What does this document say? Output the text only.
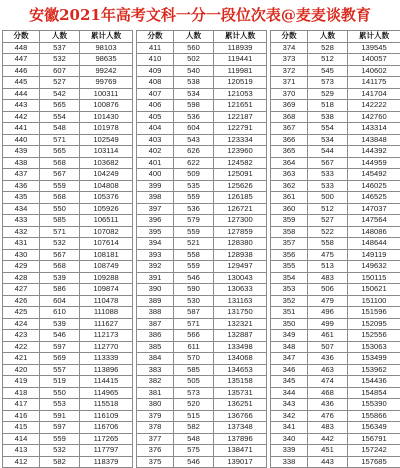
安徽2021年高考文科一分一段位次表@麦麦谈教育
分数	人数	累计人数
448	537	98103
447	532	98635
446	607	99242
445	527	99769
444	542	100311
443	565	100876
442	554	101430
441	548	101978
440	571	102549
439	565	103114
438	568	103682
437	567	104249
436	559	104808
435	568	105376
434	550	105926
433	585	106511
432	571	107082
431	532	107614
430	567	108181
429	568	108749
428	539	109288
427	586	109874
426	604	110478
425	610	111088
424	539	111627
423	546	112173
422	597	112770
421	569	113339
420	557	113896
419	519	114415
418	550	114965
417	553	115518
416	591	116109
415	597	116706
414	559	117265
413	532	117797
412	582	118379
分数	人数	累计人数
411	560	118939
410	502	119441
409	540	119981
408	538	120519
407	534	121053
406	598	121651
405	536	122187
404	604	122791
403	543	123334
402	626	123960
401	622	124582
400	509	125091
399	535	125626
398	559	126185
397	536	126721
396	579	127300
395	559	127859
394	521	128380
393	558	128938
392	559	129497
391	546	130043
390	590	130633
389	530	131163
388	587	131750
387	571	132321
386	566	132887
385	611	133498
384	570	134068
383	585	134653
382	505	135158
381	573	135731
380	520	136251
379	515	136766
378	582	137348
377	548	137896
376	575	138471
375	546	139017
分数	人数	累计人数
374	528	139545
373	512	140057
372	545	140602
371	573	141175
370	529	141704
369	518	142222
368	538	142760
367	554	143314
366	534	143848
365	544	144392
364	567	144959
363	533	145492
362	533	146025
361	500	146525
360	512	147037
359	527	147564
358	522	148086
357	558	148644
356	475	149119
355	513	149632
354	483	150115
353	506	150621
352	479	151100
351	496	151596
350	499	152095
349	461	152556
348	507	153063
347	436	153499
346	463	153962
345	474	154436
344	468	154854
343	436	155390
342	476	155866
341	483	156349
340	442	156791
339	451	157242
338	443	157685
